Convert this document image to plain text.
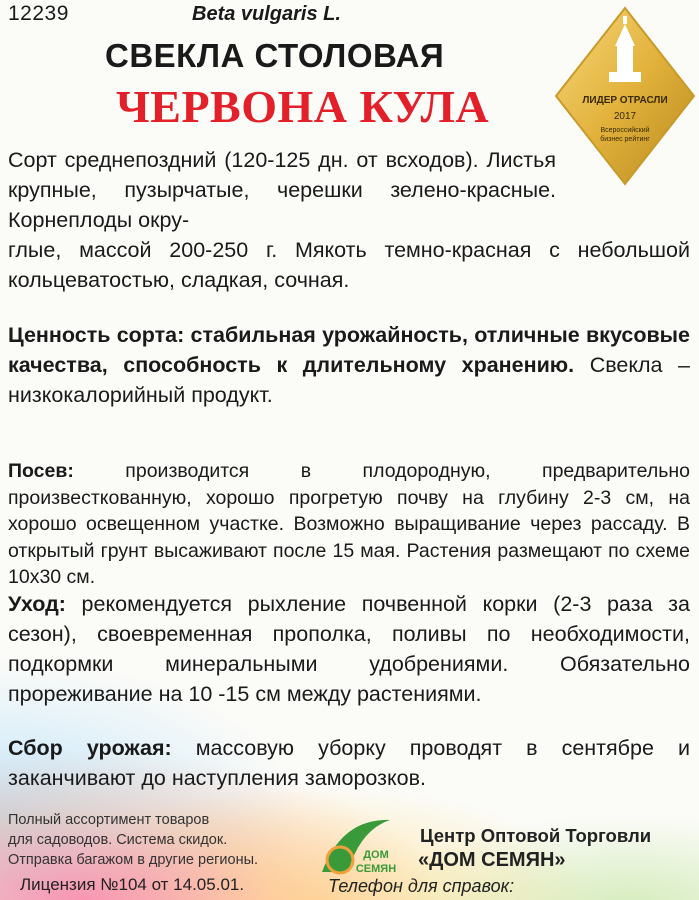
12239	Beta vulgaris L.
СВЕКЛА СТОЛОВАЯ
ЧЕРВОНА КУЛА	ЛИДЕР ОТРАСЛИ
2017
Всероссийский
бизнес рейтинг

Сорт среднепоздний (120-125 дн. от всходов). Листья крупные, пузырчатые, черешки зелено-красные. Корнеплоды окру-

глые, массой 200-250 г. Мякоть темно-красная с небольшой кольцеватостью, сладкая, сочная.

Ценность сорта: стабильная урожайность, отличные вкусовые качества, способность к длительному хранению. Свекла – низкокалорийный продукт.

Посев: производится в плодородную, предварительно произвесткованную, хорошо прогретую почву на глубину 2-3 см, на хорошо освещенном участке. Возможно выращивание через рассаду. В открытый грунт высаживают после 15 мая. Растения размещают по схеме 10х30 см.

Уход: рекомендуется рыхление почвенной корки (2-3 раза за сезон), своевременная прополка, поливы по необходимости, подкормки минеральными удобрениями. Обязательно прореживание на 10 -15 см между растениями.

Сбор урожая: массовую уборку проводят в сентябре и заканчивают до наступления заморозков.

Полный ассортимент товаров
для садоводов. Система скидок.
Отправка багажом в другие регионы.
Лицензия №104 от 14.05.01.
ДОМ
СЕМЯН
Центр Оптовой Торговли
«ДОМ СЕМЯН»
Телефон для справок:
